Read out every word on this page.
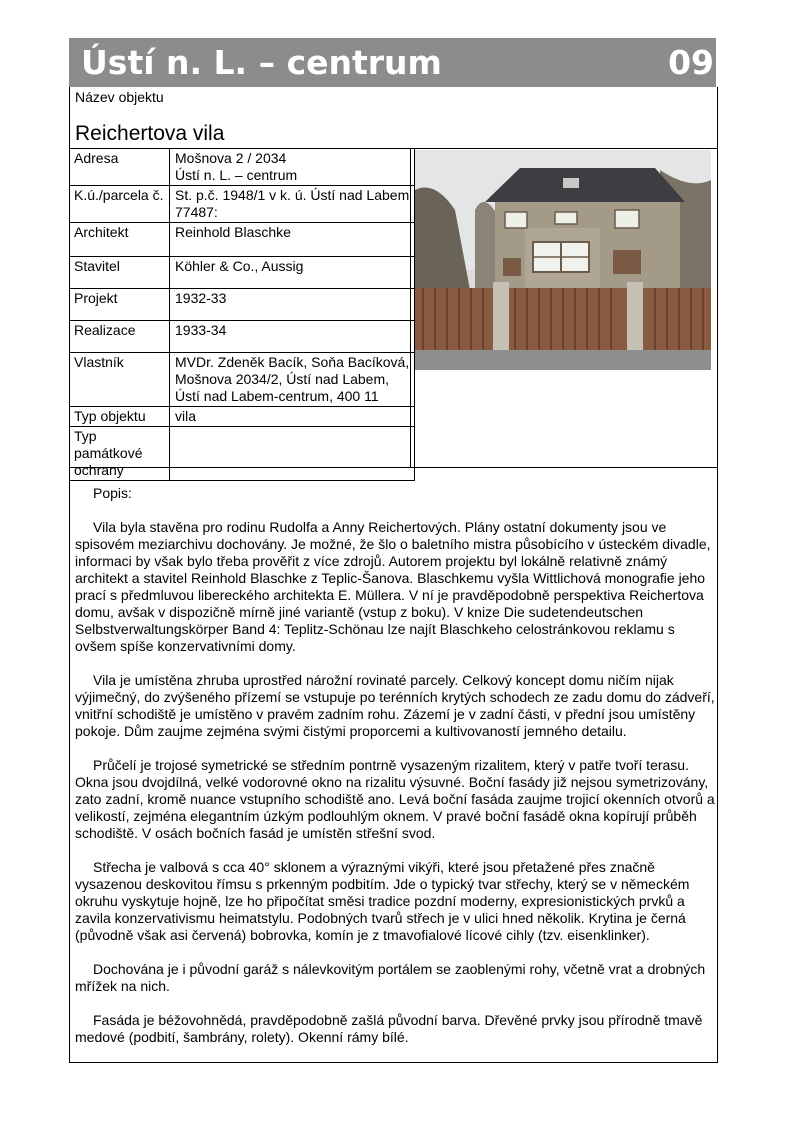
Ústí n. L. – centrum	09
Název objektu
Reichertova vila
Adresa	Mošnova 2 / 2034
Ústí n. L. – centrum

K.ú./parcela č.	St. p.č. 1948/1 v k. ú. Ústí nad Labem
77487:

Architekt	Reinhold Blaschke

Stavitel	Köhler & Co., Aussig

Projekt	1932-33

Realizace	1933-34

Vlastník	MVDr. Zdeněk Bacík, Soňa Bacíková,
Mošnova 2034/2, Ústí nad Labem,
Ústí nad Labem-centrum, 400 11

Typ objektu	vila

Typ památkové ochrany	

Popis:

Vila byla stavěna pro rodinu Rudolfa a Anny Reichertových. Plány ostatní dokumenty jsou ve spisovém meziarchivu dochovány. Je možné, že šlo o baletního mistra působícího v ústeckém divadle, informaci by však bylo třeba prověřit z více zdrojů. Autorem projektu byl lokálně relativně známý architekt a stavitel Reinhold Blaschke z Teplic-Šanova. Blaschkemu vyšla Wittlichová monografie jeho prací s předmluvou libereckého architekta E. Müllera. V ní je pravděpodobně perspektiva Reichertova domu, avšak v dispozičně mírně jiné variantě (vstup z boku). V knize Die sudetendeutschen Selbstverwaltungskörper Band 4: Teplitz-Schönau lze najít Blaschkeho celostránkovou reklamu s ovšem spíše konzervativními domy.

Vila je umístěna zhruba uprostřed nárožní rovinaté parcely. Celkový koncept domu ničím nijak výjimečný, do zvýšeného přízemí se vstupuje po terénních krytých schodech ze zadu domu do zádveří, vnitřní schodiště je umístěno v pravém zadním rohu. Zázemí je v zadní části, v přední jsou umístěny pokoje. Dům zaujme zejména svými čistými proporcemi a kultivovaností jemného detailu.

Průčelí je trojosé symetrické se středním pontrně vysazeným rizalitem, který v patře tvoří terasu. Okna jsou dvojdílná, velké vodorovné okno na rizalitu výsuvné. Boční fasády již nejsou symetrizovány, zato zadní, kromě nuance vstupního schodiště ano. Levá boční fasáda zaujme trojicí okenních otvorů a velikostí, zejména elegantním úzkým podlouhlým oknem. V pravé boční fasádě okna kopírují průběh schodiště. V osách bočních fasád je umístěn střešní svod.

Střecha je valbová s cca 40° sklonem a výraznými vikýři, které jsou přetažené přes značně vysazenou deskovitou římsu s prkenným podbitím. Jde o typický tvar střechy, který se v německém okruhu vyskytuje hojně, lze ho připočítat směsi tradice pozdní moderny, expresionistických prvků a zavila konzervativismu heimatstylu. Podobných tvarů střech je v ulici hned několik. Krytina je černá (původně však asi červená) bobrovka, komín je z tmavofialové lícové cihly (tzv. eisenklinker).

Dochována je i původní garáž s nálevkovitým portálem se zaoblenými rohy, včetně vrat a drobných mřížek na nich.

Fasáda je béžovohnědá, pravděpodobně zašlá původní barva. Dřevěné prvky jsou přírodně tmavě medové (podbití, šambrány, rolety). Okenní rámy bílé.
